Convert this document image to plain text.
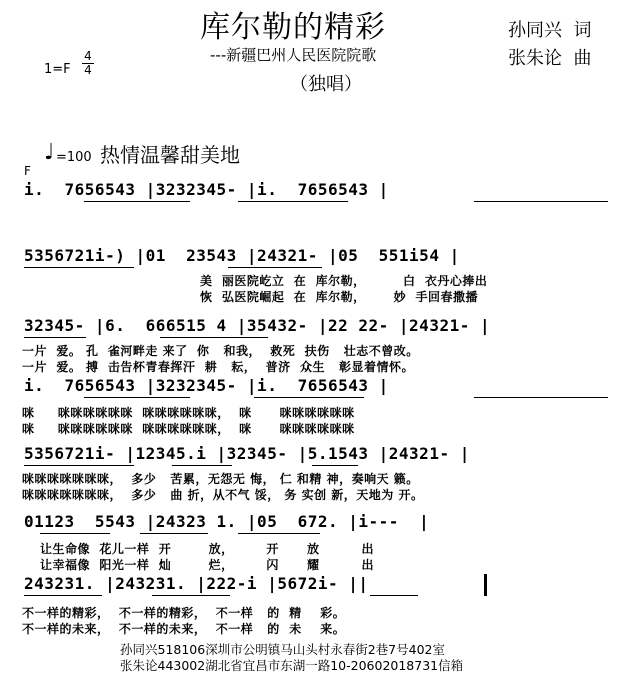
库尔勒的精彩
---新疆巴州人民医院院歌
（独唱）
孙同兴  词
张朱论  曲
1=F
4
4
♩ =100 热情温馨甜美地
F
i.  7656543 |3232345- |i.  7656543 |
5356721i-) |01  23543 |24321- |05  551i54 |
美  丽医院屹立  在  库尔勒，        白  衣丹心捧出
恢  弘医院崛起  在  库尔勒，      妙  手回春撒播
32345- |6.  666515 4 |35432- |22 22- |24321- |
一片  爱。 孔  雀河畔走 来了  你   和我，  救死  扶伤   壮志不曾改。
一片  爱。 搏  击告杯青春挥汗  耕   耘，  普济  众生   彰显着情怀。
i.  7656543 |3232345- |i.  7656543 |
咪     咪咪咪咪咪咪  咪咪咪咪咪咪，  咪      咪咪咪咪咪咪
咪     咪咪咪咪咪咪  咪咪咪咪咪咪，  咪      咪咪咪咪咪咪
5356721i- |12345.i |32345- |5.1543 |24321- |
咪咪咪咪咪咪咪，  多少   苦累，无怨无 悔， 仁 和精 神，奏响天 籁。
咪咪咪咪咪咪咪，  多少   曲 折，从不气 馁， 务 实创 新，天地为 开。
01123  5543 |24323 1. |05  672. |i---  |
让生命像  花儿一样  开        放，       开      放         出
让幸福像  阳光一样  灿        烂，       闪      耀         出
243231. |243231. |222-i |5672i- ||
不一样的精彩，  不一样的精彩，  不一样   的  精    彩。
不一样的未来，  不一样的未来，  不一样   的  未    来。
孙同兴518106深圳市公明镇马山头村永春街2巷7号402室
张朱论443002湖北省宜昌市东湖一路10-20602018731信箱
